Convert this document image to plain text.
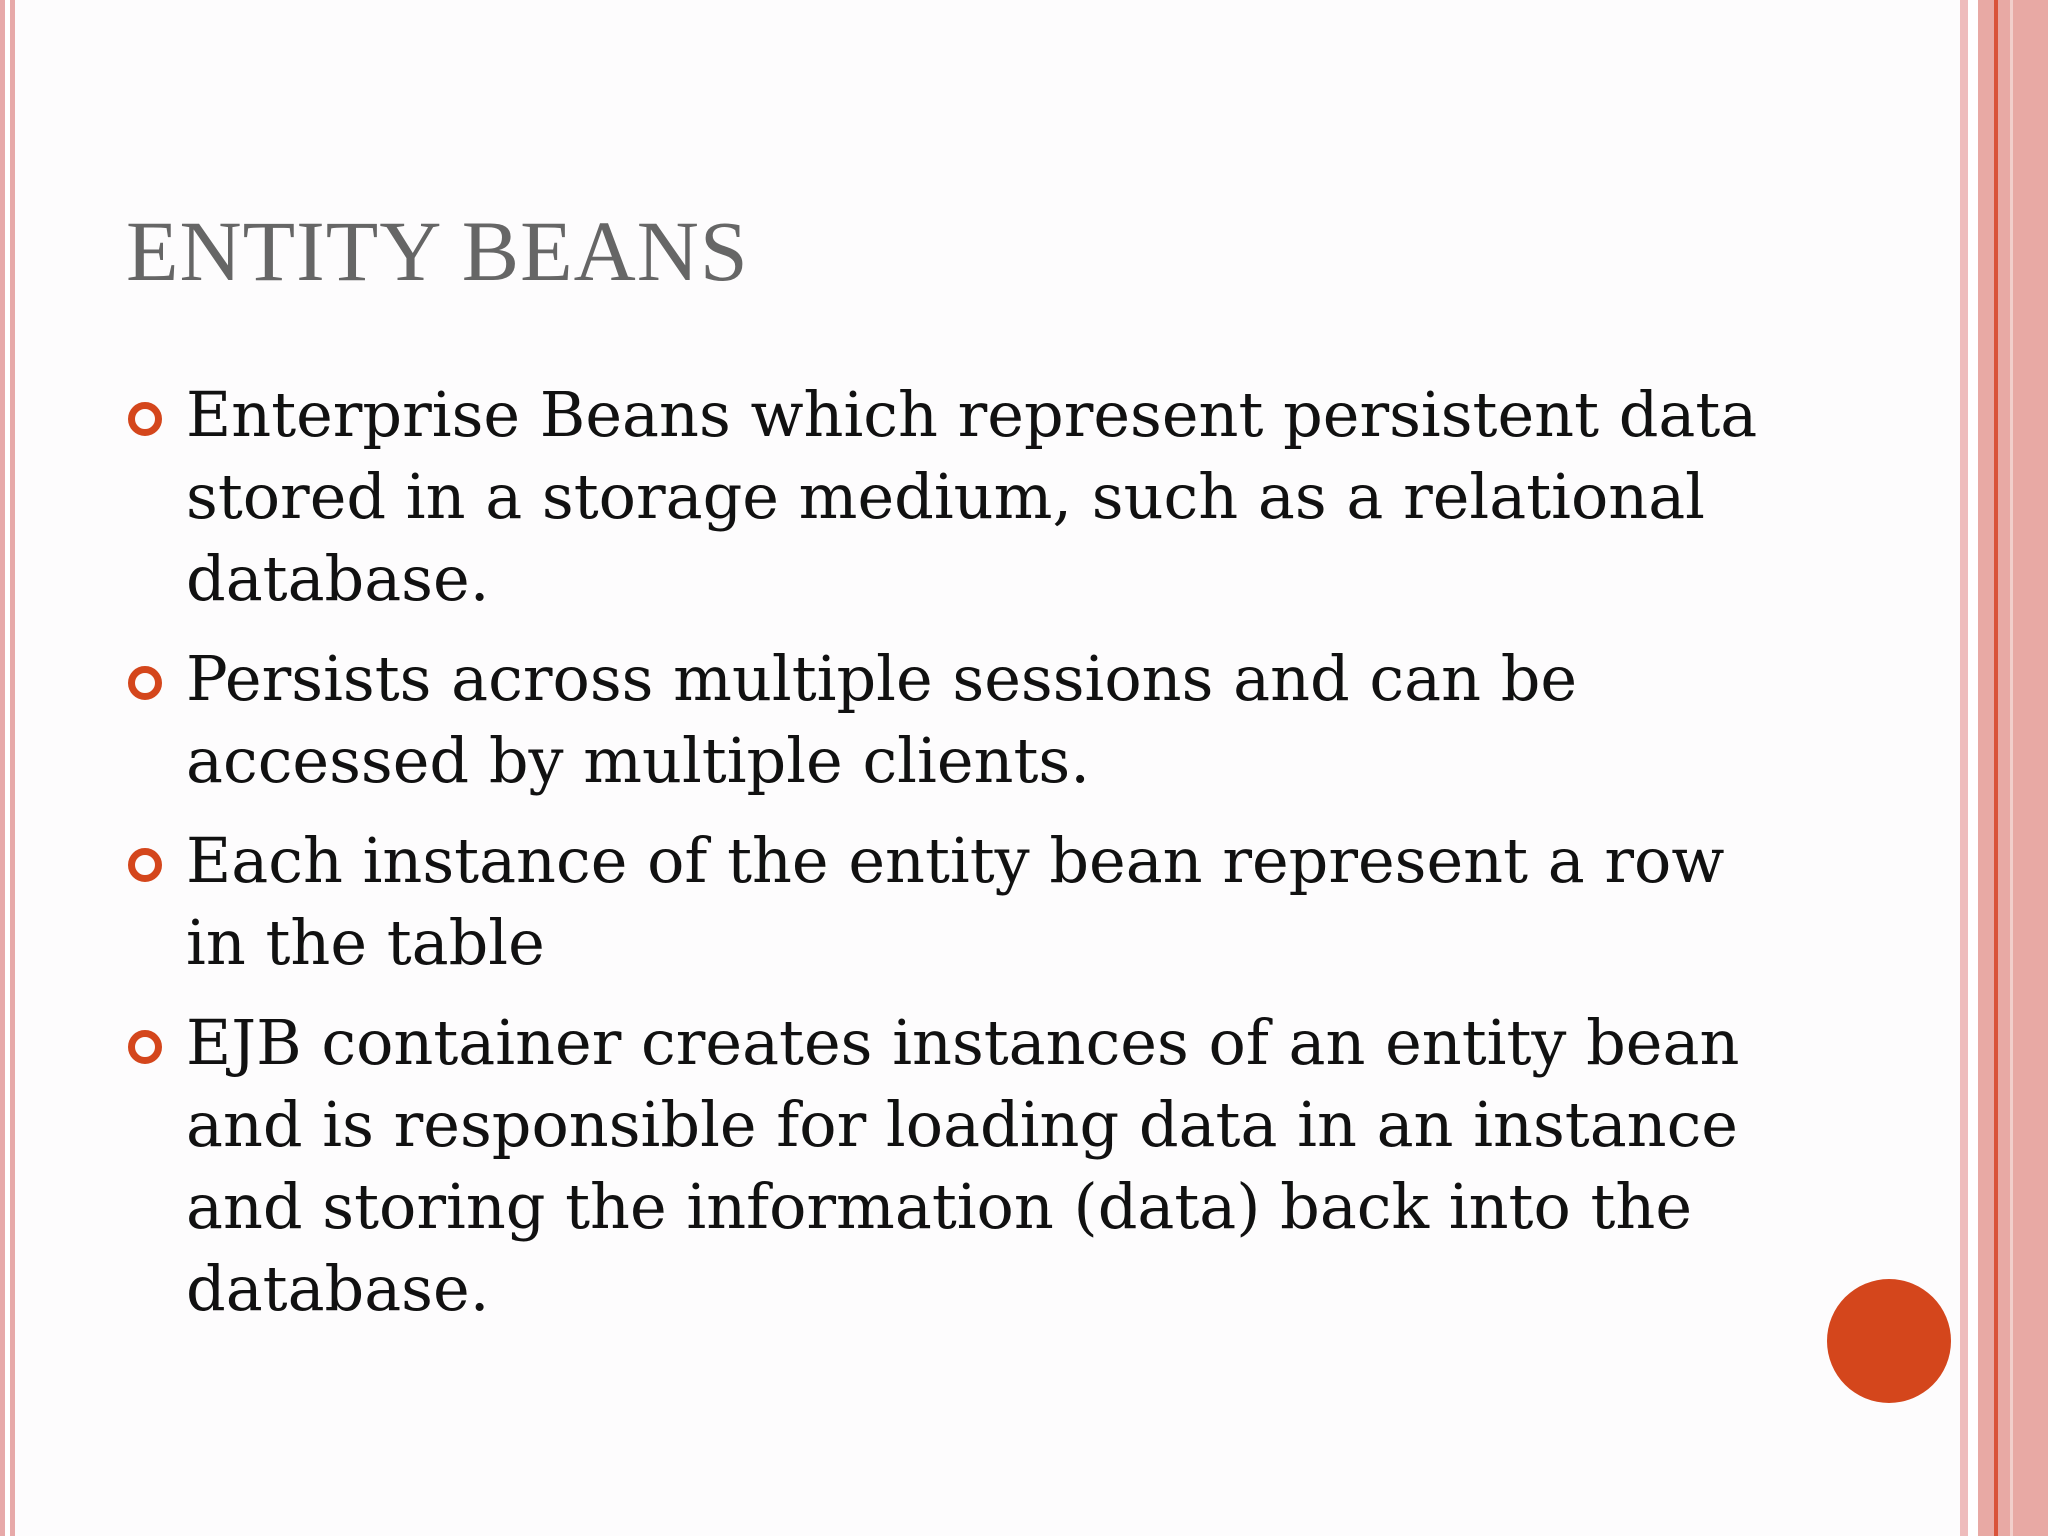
ENTITY BEANS
Enterprise Beans which represent persistent data stored in a storage medium, such as a relational database.
Persists across multiple sessions and can be accessed by multiple clients.
Each instance of the entity bean represent a row in the table
EJB container creates instances of an entity bean and is responsible for loading data in an instance and storing the information (data) back into the database.
